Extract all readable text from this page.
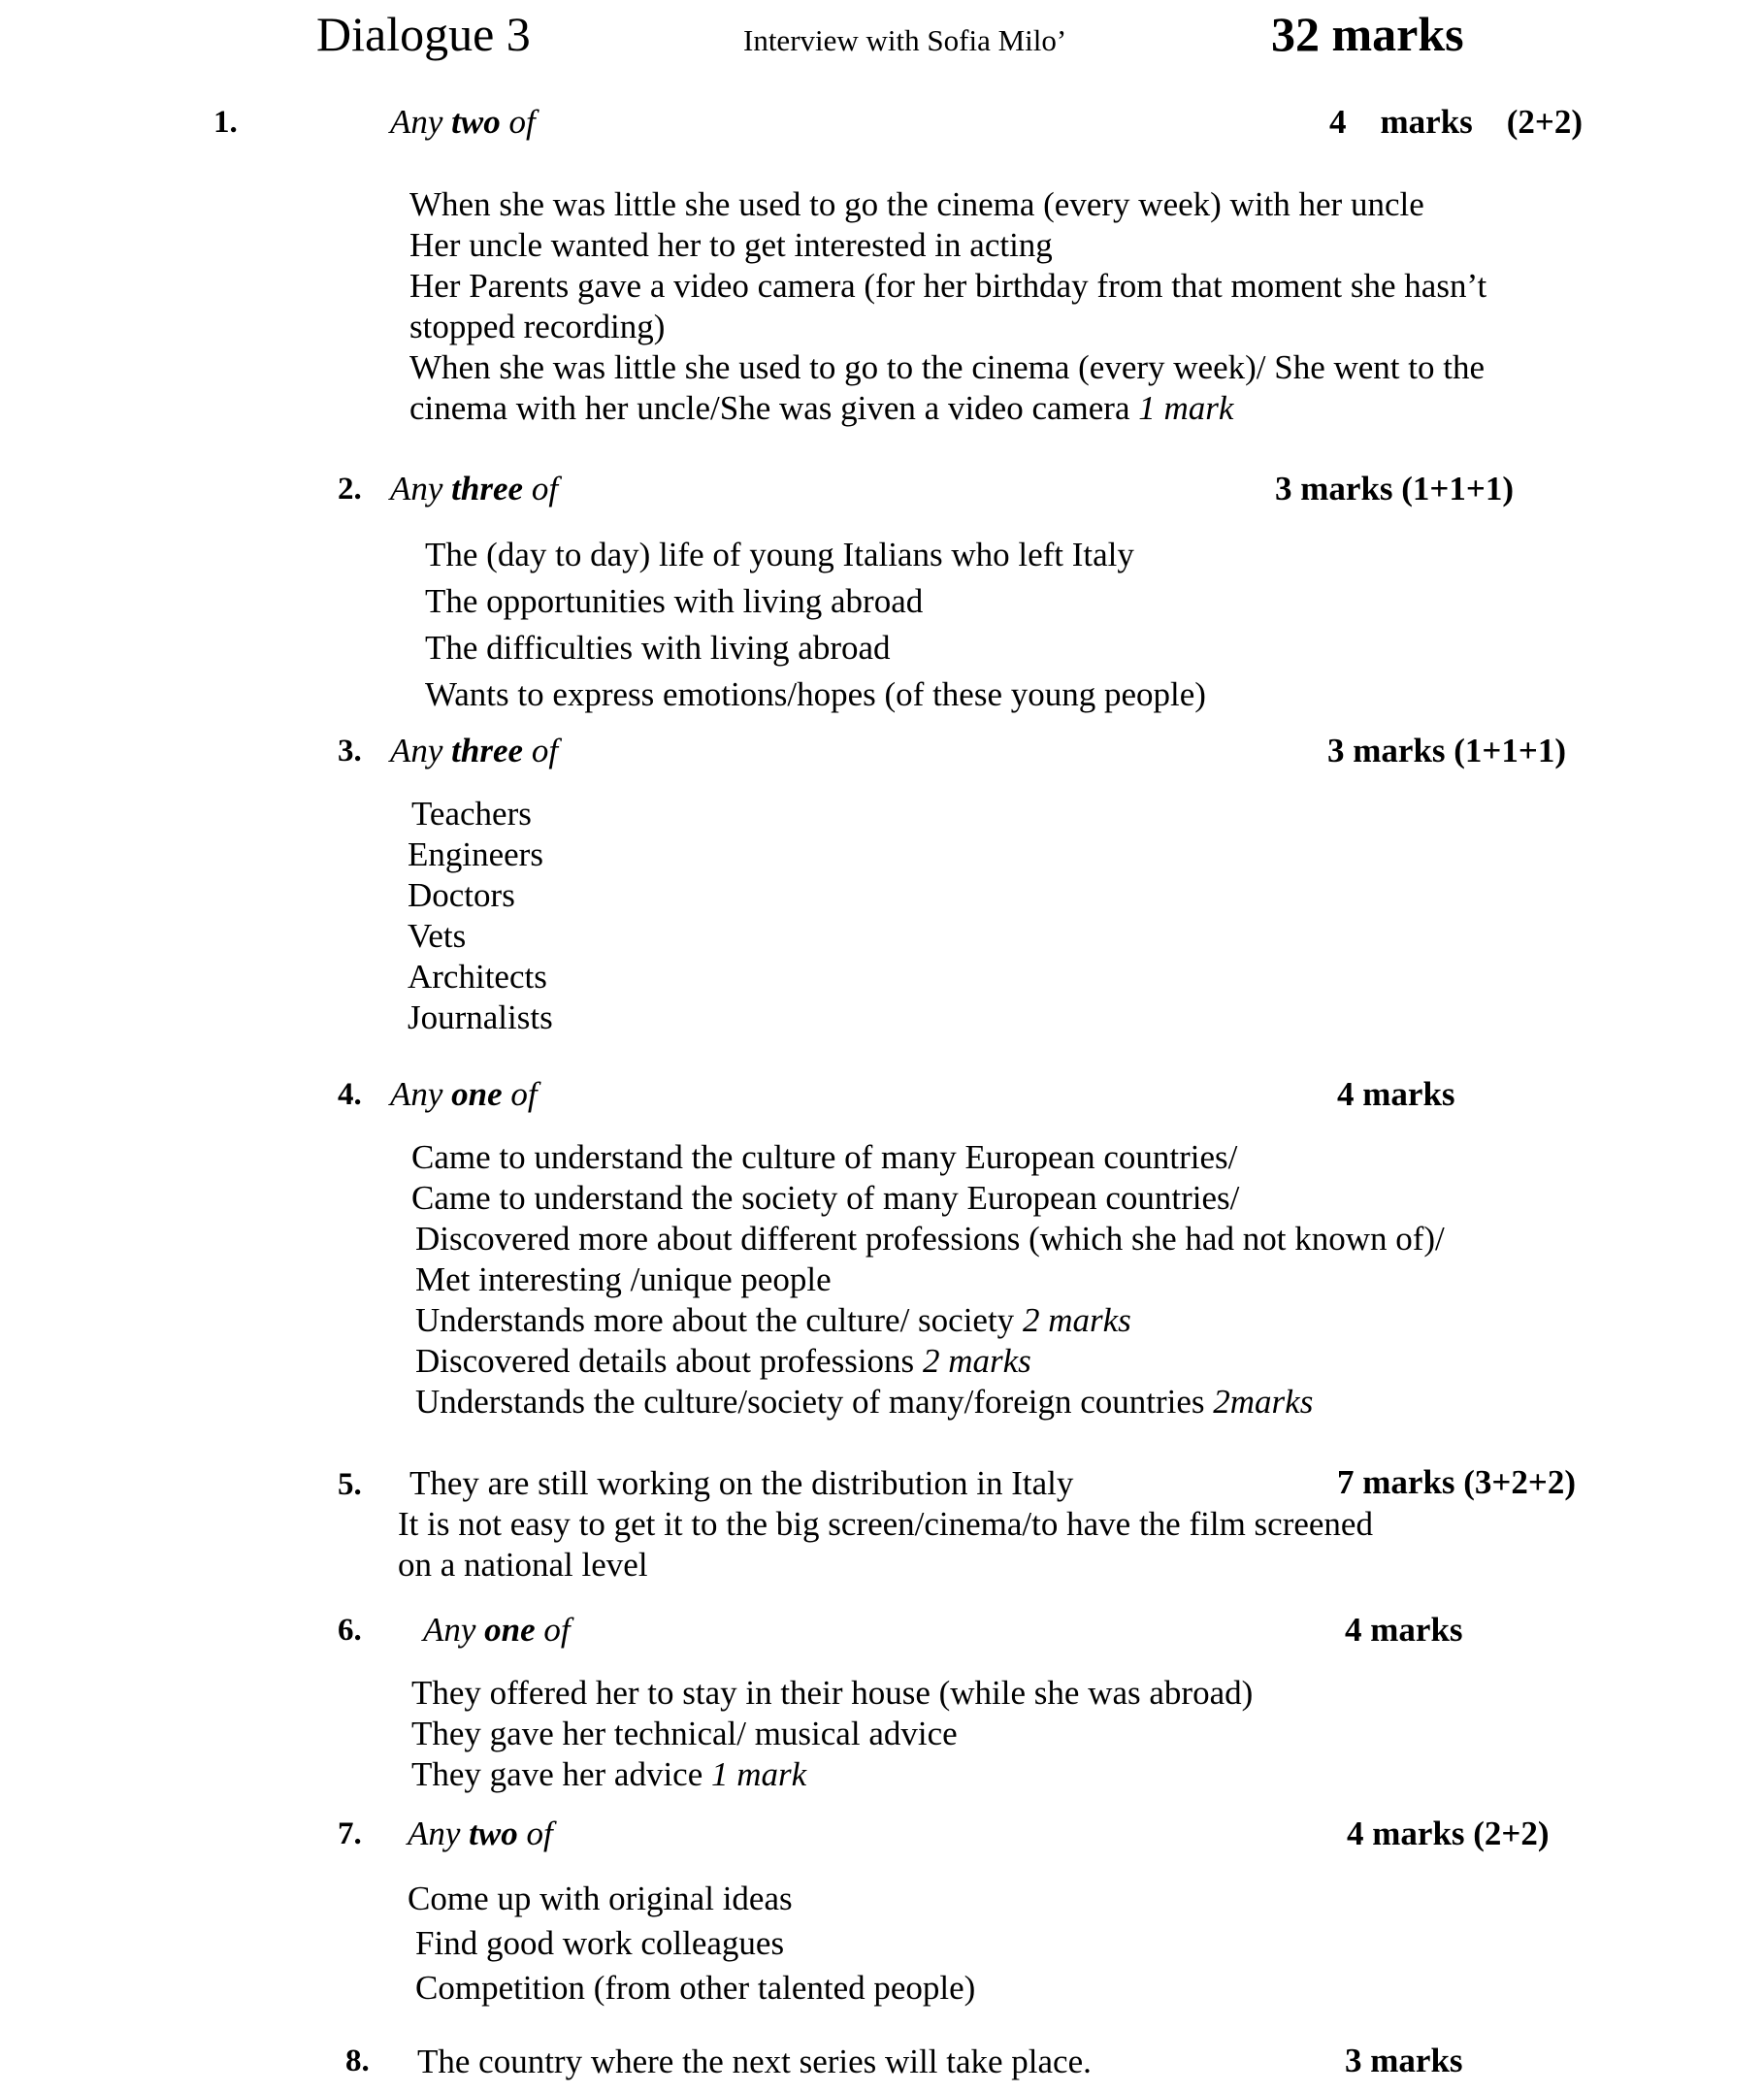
Dialogue 3	Interview with Sofia Milo’	32 marks
1.	Any two of	4    marks    (2+2)
When she was little she used to go the cinema (every week) with her uncle
Her uncle wanted her to get interested in acting
Her Parents gave a video camera (for her birthday from that moment she hasn’t
stopped recording)
When she was little she used to go to the cinema (every week)/ She went to the
cinema with her uncle/She was given a video camera 1 mark
2. Any three of	3 marks (1+1+1)
The (day to day) life of young Italians who left Italy
The opportunities with living abroad
The difficulties with living abroad
Wants to express emotions/hopes (of these young people)
3. Any three of	3 marks (1+1+1)
Teachers
Engineers
Doctors
Vets
Architects
Journalists
4. Any one of	4 marks
Came to understand the culture of many European countries/
Came to understand the society of many European countries/
Discovered more about different professions (which she had not known of)/
Met interesting /unique people
Understands more about the culture/ society 2 marks
Discovered details about professions 2 marks
Understands the culture/society of many/foreign countries 2marks
5. They are still working on the distribution in Italy	7 marks (3+2+2)
It is not easy to get it to the big screen/cinema/to have the film screened
on a national level
6. Any one of	4 marks
They offered her to stay in their house (while she was abroad)
They gave her technical/ musical advice
They gave her advice 1 mark
7. Any two of	4 marks (2+2)
Come up with original ideas
Find good work colleagues
Competition (from other talented people)
8. The country where the next series will take place.	3 marks
